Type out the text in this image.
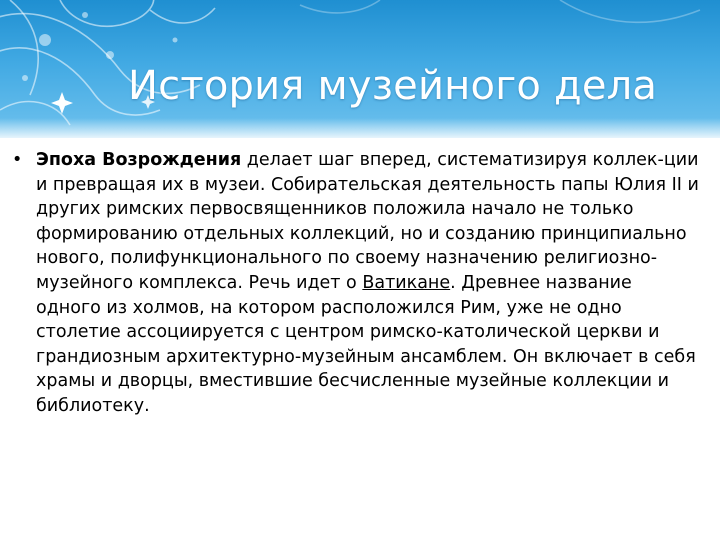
История музейного дела
• Эпоха Возрождения делает шаг вперед, систематизируя коллек-ции и превращая их в музеи. Собирательская деятельность папы Юлия II и других римских первосвященников положила начало не только формированию отдельных коллекций, но и созданию принципиально нового, полифункционального по своему назначению религиозно-музейного комплекса. Речь идет о Ватикане. Древнее название одного из холмов, на котором расположился Рим, уже не одно столетие ассоциируется с центром римско-католической церкви и грандиозным архитектурно-музейным ансамблем. Он включает в себя храмы и дворцы, вместившие бесчисленные музейные коллекции и библиотеку.
